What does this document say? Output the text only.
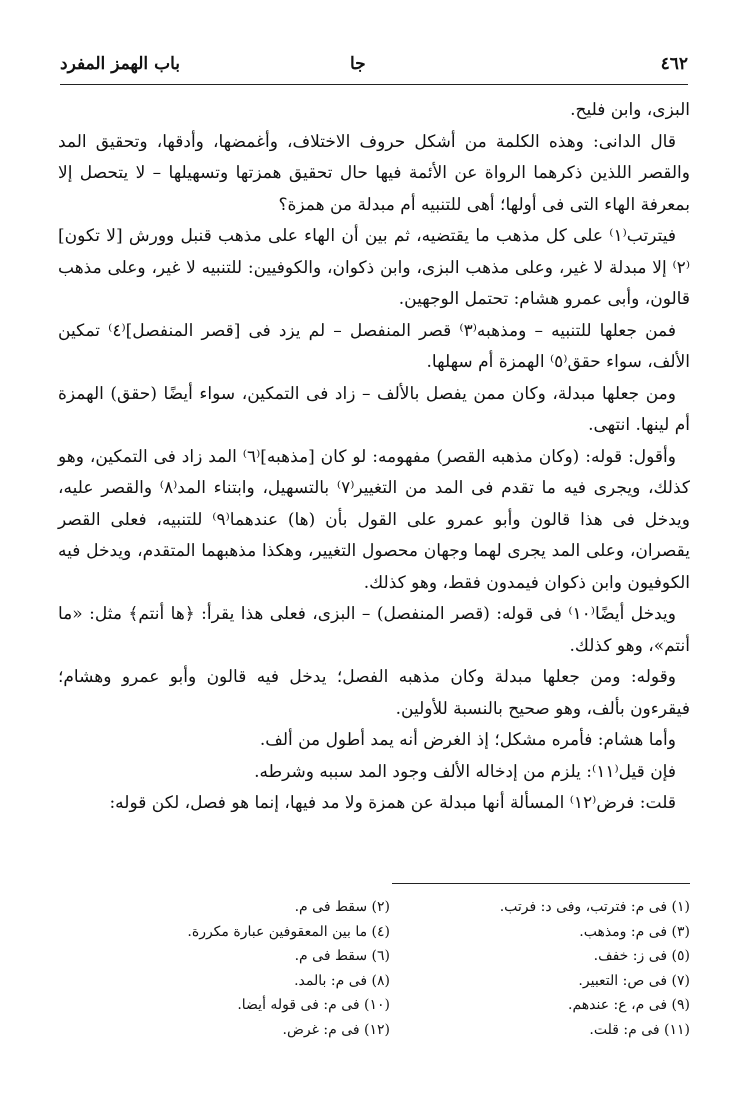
٤٦٢
جا
باب الهمز المفرد

البزى، وابن فليح.

قال الدانى: وهذه الكلمة من أشكل حروف الاختلاف، وأغمضها، وأدقها، وتحقيق المد والقصر اللذين ذكرهما الرواة عن الأئمة فيها حال تحقيق همزتها وتسهيلها – لا يتحصل إلا بمعرفة الهاء التى فى أولها؛ أهى للتنبيه أم مبدلة من همزة؟

فيترتب⁽١⁾ على كل مذهب ما يقتضيه، ثم بين أن الهاء على مذهب قنبل وورش [لا تكون]⁽٢⁾ إلا مبدلة لا غير، وعلى مذهب البزى، وابن ذكوان، والكوفيين: للتنبيه لا غير، وعلى مذهب قالون، وأبى عمرو هشام: تحتمل الوجهين.

فمن جعلها للتنبيه – ومذهبه⁽٣⁾ قصر المنفصل – لم يزد فى [قصر المنفصل]⁽٤⁾ تمكين الألف، سواء حقق⁽٥⁾ الهمزة أم سهلها.

ومن جعلها مبدلة، وكان ممن يفصل بالألف – زاد فى التمكين، سواء أيضًا (حقق) الهمزة أم لينها. انتهى.

وأقول: قوله: (وكان مذهبه القصر) مفهومه: لو كان [مذهبه]⁽٦⁾ المد زاد فى التمكين، وهو كذلك، ويجرى فيه ما تقدم فى المد من التغيير⁽٧⁾ بالتسهيل، وابتناء المد⁽٨⁾ والقصر عليه، ويدخل فى هذا قالون وأبو عمرو على القول بأن (ها) عندهما⁽٩⁾ للتنبيه، فعلى القصر يقصران، وعلى المد يجرى لهما وجهان محصول التغيير، وهكذا مذهبهما المتقدم، ويدخل فيه الكوفيون وابن ذكوان فيمدون فقط، وهو كذلك.

ويدخل أيضًا⁽١٠⁾ فى قوله: (قصر المنفصل) – البزى، فعلى هذا يقرأ: ﴿ها أنتم﴾ مثل: «ما أنتم»، وهو كذلك.

وقوله: ومن جعلها مبدلة وكان مذهبه الفصل؛ يدخل فيه قالون وأبو عمرو وهشام؛ فيقرءون بألف، وهو صحيح بالنسبة للأولين.

وأما هشام: فأمره مشكل؛ إذ الغرض أنه يمد أطول من ألف.

فإن قيل⁽١١⁾: يلزم من إدخاله الألف وجود المد سببه وشرطه.

قلت: فرض⁽١٢⁾ المسألة أنها مبدلة عن همزة ولا مد فيها، إنما هو فصل، لكن قوله:

(١) فى م: فترتب، وفى د: فرتب.
(٢) سقط فى م.
(٣) فى م: ومذهب.
(٤) ما بين المعقوفين عبارة مكررة.
(٥) فى ز: خفف.
(٦) سقط فى م.
(٧) فى ص: التعبير.
(٨) فى م: بالمد.
(٩) فى م، ع: عندهم.
(١٠) فى م: فى قوله أيضا.
(١١) فى م: قلت.
(١٢) فى م: غرض.
